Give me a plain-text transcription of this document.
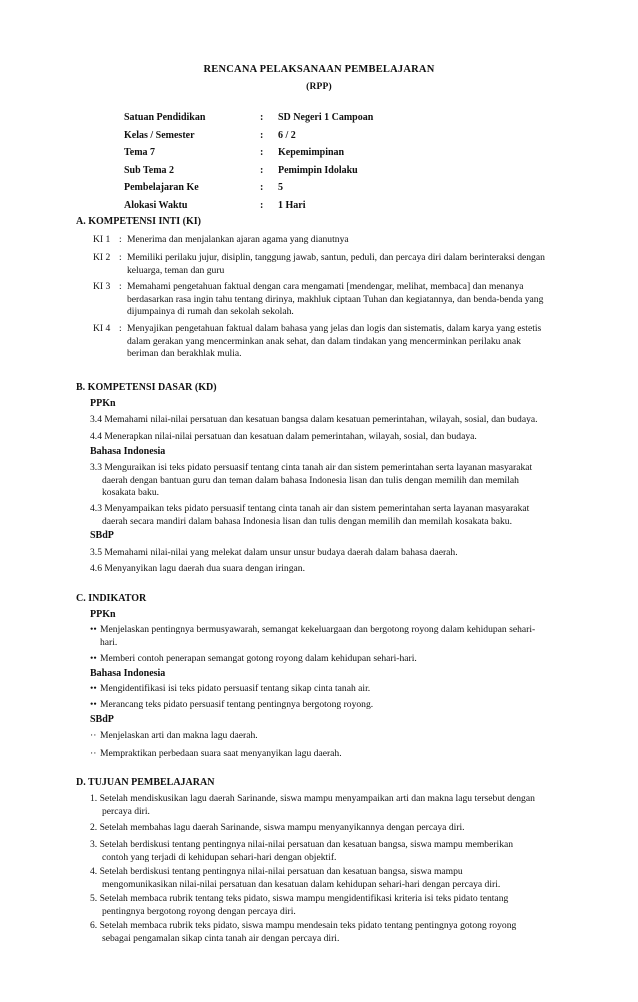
RENCANA PELAKSANAAN PEMBELAJARAN
(RPP)
Satuan Pendidikan	:	SD Negeri 1 Campoan
Kelas / Semester	:	6 / 2
Tema 7	:	Kepemimpinan
Sub Tema 2	:	Pemimpin Idolaku
Pembelajaran Ke	:	5
Alokasi Waktu	:	1 Hari
A. KOMPETENSI INTI (KI)
KI 1 : Menerima dan menjalankan ajaran agama yang dianutnya
KI 2 : Memiliki perilaku jujur, disiplin, tanggung jawab, santun, peduli, dan percaya diri dalam berinteraksi dengan
keluarga, teman dan guru
KI 3 : Memahami pengetahuan faktual dengan cara mengamati [mendengar, melihat, membaca] dan menanya
berdasarkan rasa ingin tahu tentang dirinya, makhluk ciptaan Tuhan dan kegiatannya, dan benda-benda yang
dijumpainya di rumah dan sekolah sekolah.
KI 4 : Menyajikan pengetahuan faktual dalam bahasa yang jelas dan logis dan sistematis, dalam karya yang estetis
dalam gerakan yang mencerminkan anak sehat, dan dalam tindakan yang mencerminkan perilaku anak
beriman dan berakhlak mulia.
B. KOMPETENSI DASAR (KD)
PPKn
3.4 Memahami nilai-nilai persatuan dan kesatuan bangsa dalam kesatuan pemerintahan, wilayah, sosial, dan budaya.
4.4 Menerapkan nilai-nilai persatuan dan kesatuan dalam pemerintahan, wilayah, sosial, dan budaya.
Bahasa Indonesia
3.3 Menguraikan isi teks pidato persuasif tentang cinta tanah air dan sistem pemerintahan serta layanan masyarakat
daerah dengan bantuan guru dan teman dalam bahasa Indonesia lisan dan tulis dengan memilih dan memilah
kosakata baku.
4.3 Menyampaikan teks pidato persuasif tentang cinta tanah air dan sistem pemerintahan serta layanan masyarakat
daerah secara mandiri dalam bahasa Indonesia lisan dan tulis dengan memilih dan memilah kosakata baku.
SBdP
3.5 Memahami nilai-nilai yang melekat dalam unsur unsur budaya daerah dalam bahasa daerah.
4.6 Menyanyikan lagu daerah dua suara dengan iringan.
C. INDIKATOR
PPKn
•• Menjelaskan pentingnya bermusyawarah, semangat kekeluargaan dan bergotong royong dalam kehidupan sehari-
hari.
•• Memberi contoh penerapan semangat gotong royong dalam kehidupan sehari-hari.
Bahasa Indonesia
•• Mengidentifikasi isi teks pidato persuasif tentang sikap cinta tanah air.
•• Merancang teks pidato persuasif tentang pentingnya bergotong royong.
SBdP
·· Menjelaskan arti dan makna lagu daerah.
·· Mempraktikan perbedaan suara saat menyanyikan lagu daerah.
D. TUJUAN PEMBELAJARAN
1. Setelah mendiskusikan lagu daerah Sarinande, siswa mampu menyampaikan arti dan makna lagu tersebut dengan
percaya diri.
2. Setelah membahas lagu daerah Sarinande, siswa mampu menyanyikannya dengan percaya diri.
3. Setelah berdiskusi tentang pentingnya nilai-nilai persatuan dan kesatuan bangsa, siswa mampu memberikan
contoh yang terjadi di kehidupan sehari-hari dengan objektif.
4. Setelah berdiskusi tentang pentingnya nilai-nilai persatuan dan kesatuan bangsa, siswa mampu
mengomunikasikan nilai-nilai persatuan dan kesatuan dalam kehidupan sehari-hari dengan percaya diri.
5. Setelah membaca rubrik tentang teks pidato, siswa mampu mengidentifikasi kriteria isi teks pidato tentang
pentingnya bergotong royong dengan percaya diri.
6. Setelah membaca rubrik teks pidato, siswa mampu mendesain teks pidato tentang pentingnya gotong royong
sebagai pengamalan sikap cinta tanah air dengan percaya diri.
